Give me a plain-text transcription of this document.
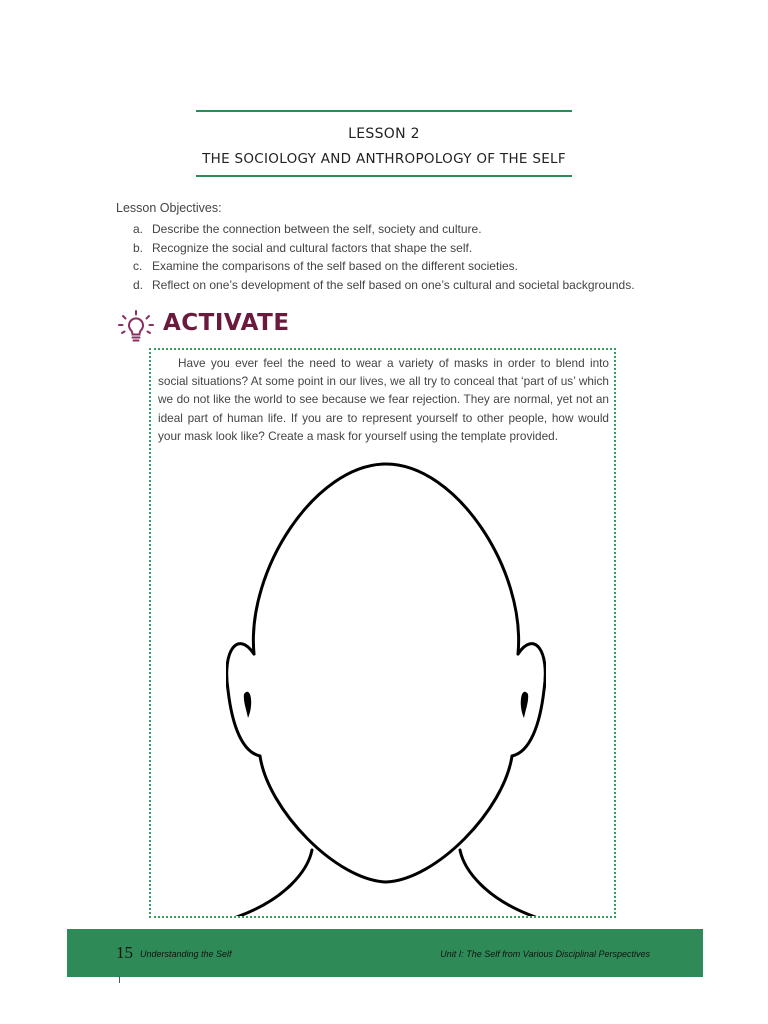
LESSON 2
THE SOCIOLOGY AND ANTHROPOLOGY OF THE SELF
Lesson Objectives:
a. Describe the connection between the self, society and culture.
b. Recognize the social and cultural factors that shape the self.
c. Examine the comparisons of the self based on the different societies.
d. Reflect on one’s development of the self based on one’s cultural and societal backgrounds.
ACTIVATE

Have you ever feel the need to wear a variety of masks in order to blend into social situations? At some point in our lives, we all try to conceal that ‘part of us’ which we do not like the world to see because we fear rejection. They are normal, yet not an ideal part of human life. If you are to represent yourself to other people, how would your mask look like? Create a mask for yourself using the template provided.

15 Understanding the Self	Unit I: The Self from Various Disciplinal Perspectives
